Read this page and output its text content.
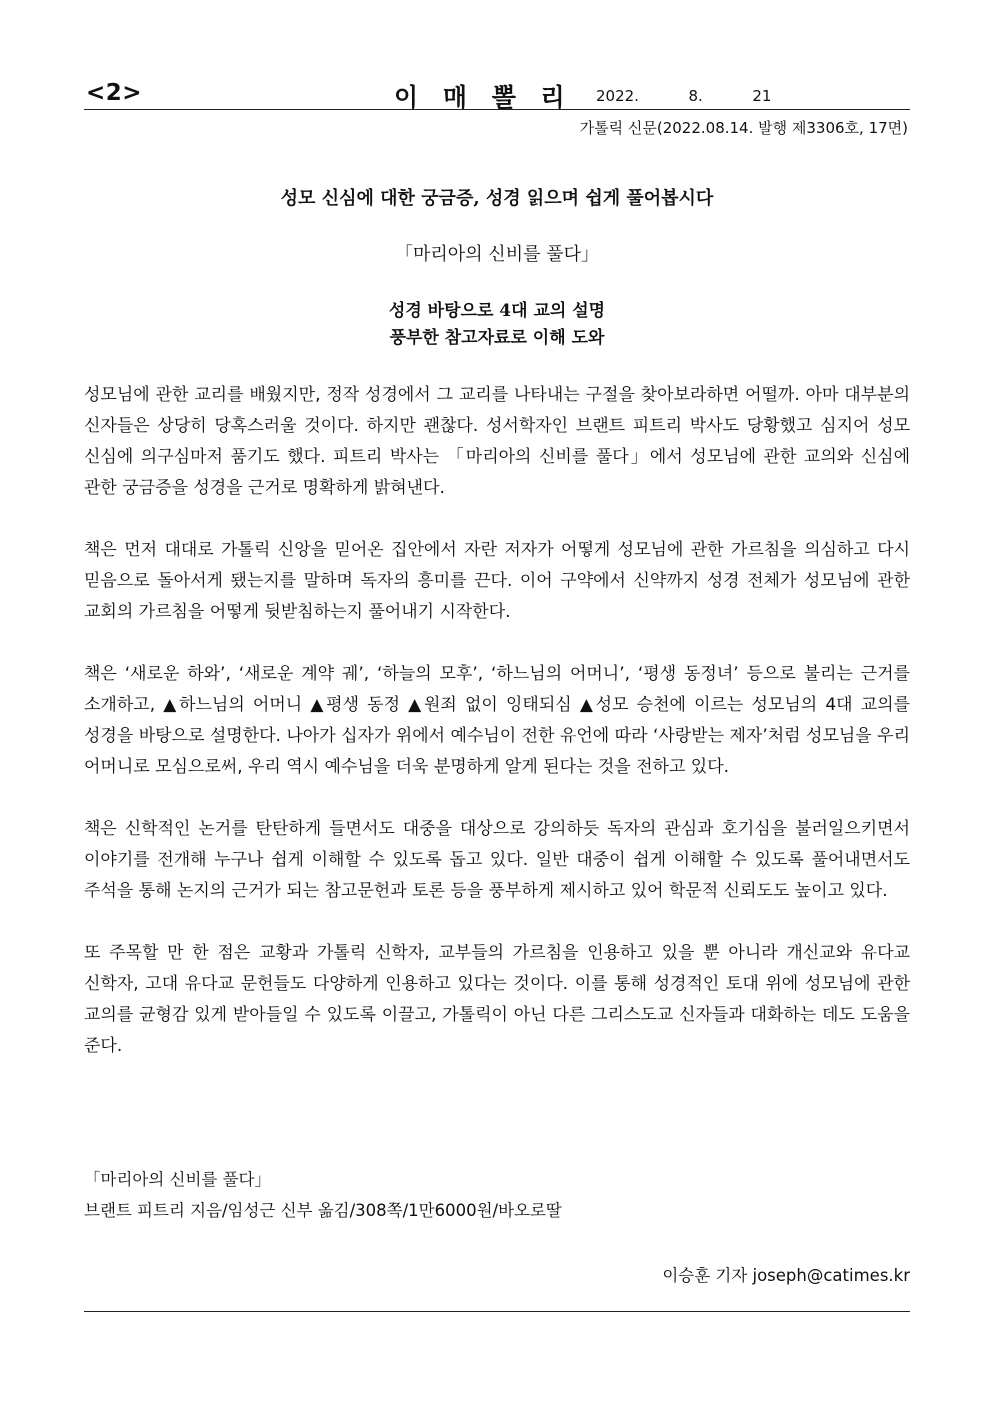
<2>	이 매 뽈 리 2022.  8.  21
가톨릭 신문(2022.08.14. 발행 제3306호, 17면)
성모 신심에 대한 궁금증, 성경 읽으며 쉽게 풀어봅시다
「마리아의 신비를 풀다」
성경 바탕으로 4대 교의 설명
풍부한 참고자료로 이해 도와

성모님에 관한 교리를 배웠지만, 정작 성경에서 그 교리를 나타내는 구절을 찾아보라하면 어떨까. 아마 대부분의 신자들은 상당히 당혹스러울 것이다. 하지만 괜찮다. 성서학자인 브랜트 피트리 박사도 당황했고 심지어 성모 신심에 의구심마저 품기도 했다. 피트리 박사는 「마리아의 신비를 풀다」에서 성모님에 관한 교의와 신심에 관한 궁금증을 성경을 근거로 명확하게 밝혀낸다.

책은 먼저 대대로 가톨릭 신앙을 믿어온 집안에서 자란 저자가 어떻게 성모님에 관한 가르침을 의심하고 다시 믿음으로 돌아서게 됐는지를 말하며 독자의 흥미를 끈다. 이어 구약에서 신약까지 성경 전체가 성모님에 관한 교회의 가르침을 어떻게 뒷받침하는지 풀어내기 시작한다.

책은 ‘새로운 하와’, ‘새로운 계약 궤’, ‘하늘의 모후’, ‘하느님의 어머니’, ‘평생 동정녀’ 등으로 불리는 근거를 소개하고, ▲하느님의 어머니 ▲평생 동정 ▲원죄 없이 잉태되심 ▲성모 승천에 이르는 성모님의 4대 교의를 성경을 바탕으로 설명한다. 나아가 십자가 위에서 예수님이 전한 유언에 따라 ‘사랑받는 제자’처럼 성모님을 우리 어머니로 모심으로써, 우리 역시 예수님을 더욱 분명하게 알게 된다는 것을 전하고 있다.

책은 신학적인 논거를 탄탄하게 들면서도 대중을 대상으로 강의하듯 독자의 관심과 호기심을 불러일으키면서 이야기를 전개해 누구나 쉽게 이해할 수 있도록 돕고 있다. 일반 대중이 쉽게 이해할 수 있도록 풀어내면서도 주석을 통해 논지의 근거가 되는 참고문헌과 토론 등을 풍부하게 제시하고 있어 학문적 신뢰도도 높이고 있다.

또 주목할 만 한 점은 교황과 가톨릭 신학자, 교부들의 가르침을 인용하고 있을 뿐 아니라 개신교와 유다교 신학자, 고대 유다교 문헌들도 다양하게 인용하고 있다는 것이다. 이를 통해 성경적인 토대 위에 성모님에 관한 교의를 균형감 있게 받아들일 수 있도록 이끌고, 가톨릭이 아닌 다른 그리스도교 신자들과 대화하는 데도 도움을 준다.

「마리아의 신비를 풀다」
브랜트 피트리 지음/임성근 신부 옮김/308쪽/1만6000원/바오로딸
이승훈 기자 joseph@catimes.kr
